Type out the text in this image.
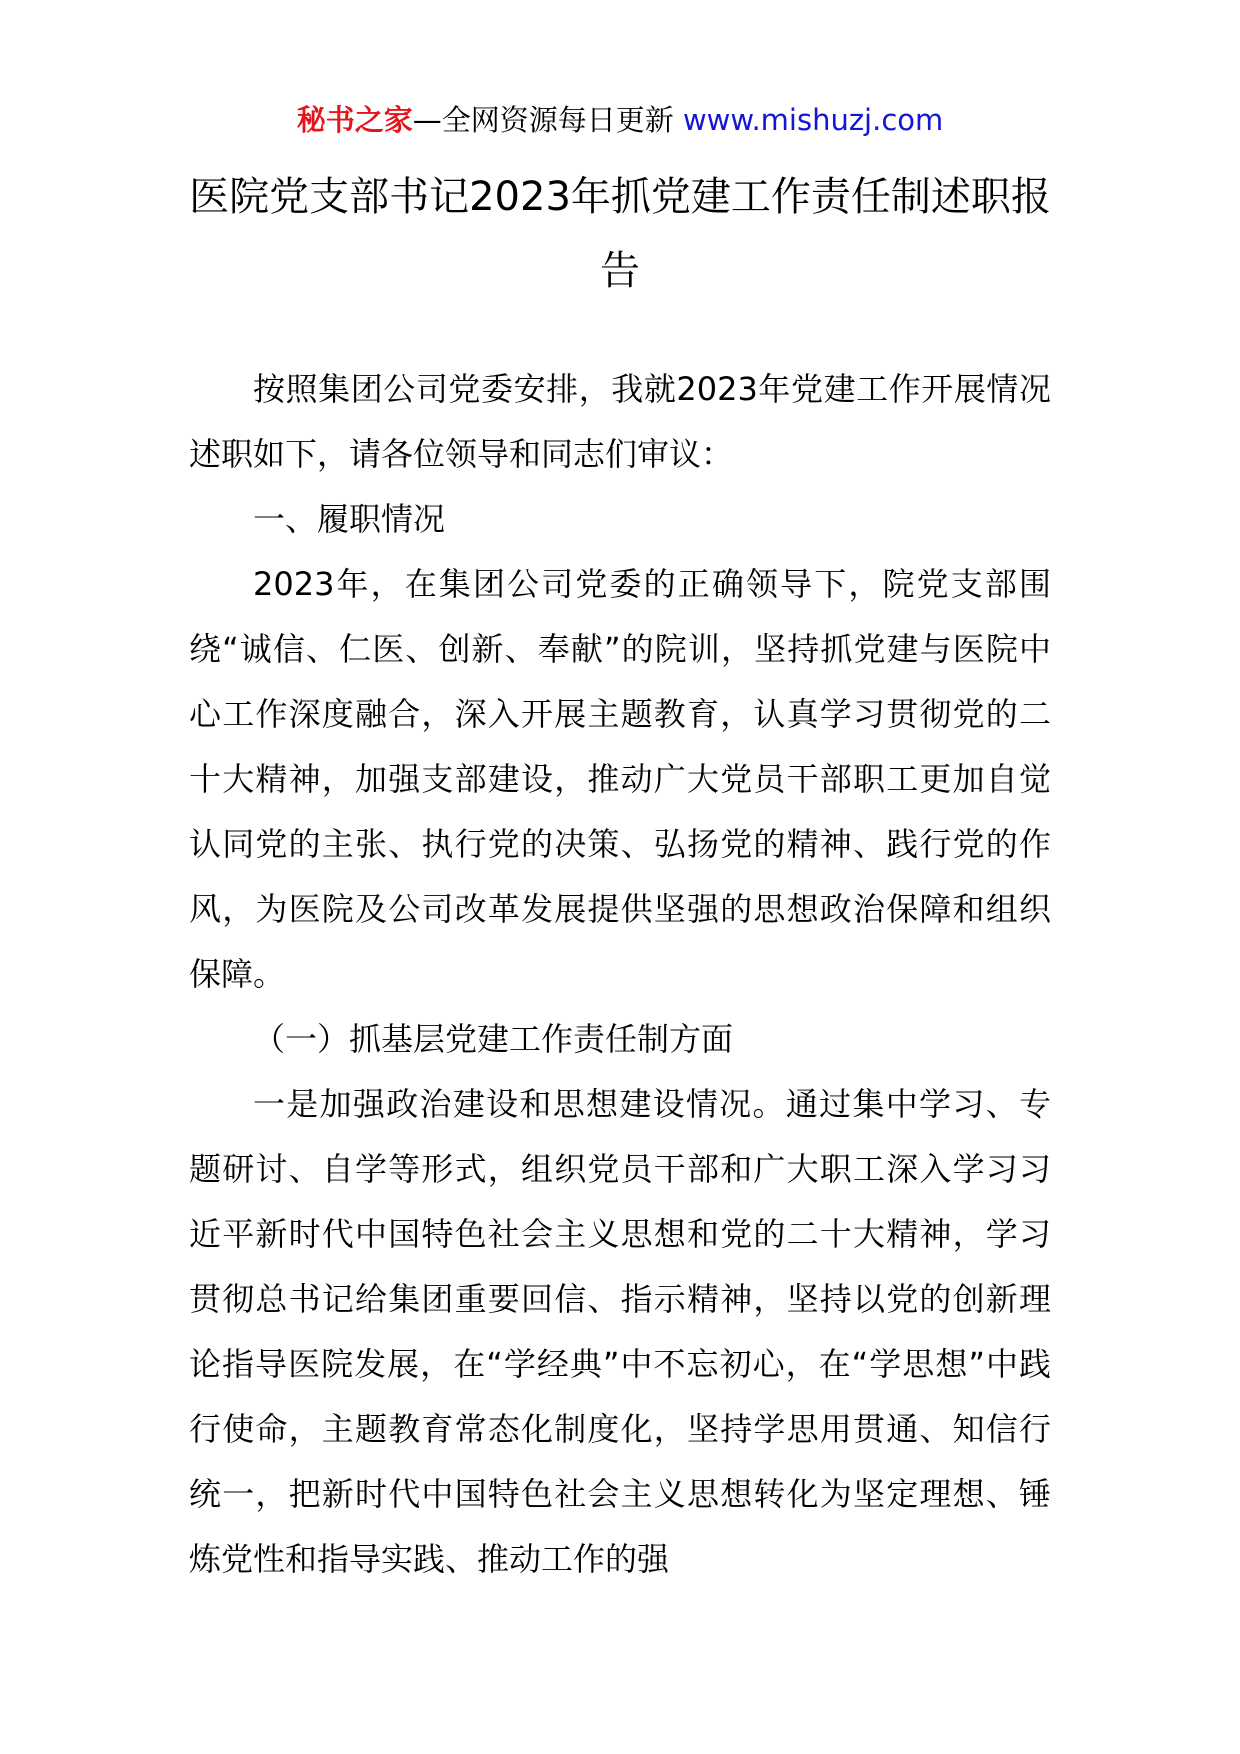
秘书之家—全网资源每日更新 www.mishuzj.com
医院党支部书记2023年抓党建工作责任制述职报告

按照集团公司党委安排，我就2023年党建工作开展情况述职如下，请各位领导和同志们审议：

一、履职情况

2023年，在集团公司党委的正确领导下，院党支部围绕“诚信、仁医、创新、奉献”的院训，坚持抓党建与医院中心工作深度融合，深入开展主题教育，认真学习贯彻党的二十大精神，加强支部建设，推动广大党员干部职工更加自觉认同党的主张、执行党的决策、弘扬党的精神、践行党的作风，为医院及公司改革发展提供坚强的思想政治保障和组织保障。

（一）抓基层党建工作责任制方面

一是加强政治建设和思想建设情况。通过集中学习、专题研讨、自学等形式，组织党员干部和广大职工深入学习习近平新时代中国特色社会主义思想和党的二十大精神，学习贯彻总书记给集团重要回信、指示精神，坚持以党的创新理论指导医院发展，在“学经典”中不忘初心，在“学思想”中践行使命，主题教育常态化制度化，坚持学思用贯通、知信行统一，把新时代中国特色社会主义思想转化为坚定理想、锤炼党性和指导实践、推动工作的强
